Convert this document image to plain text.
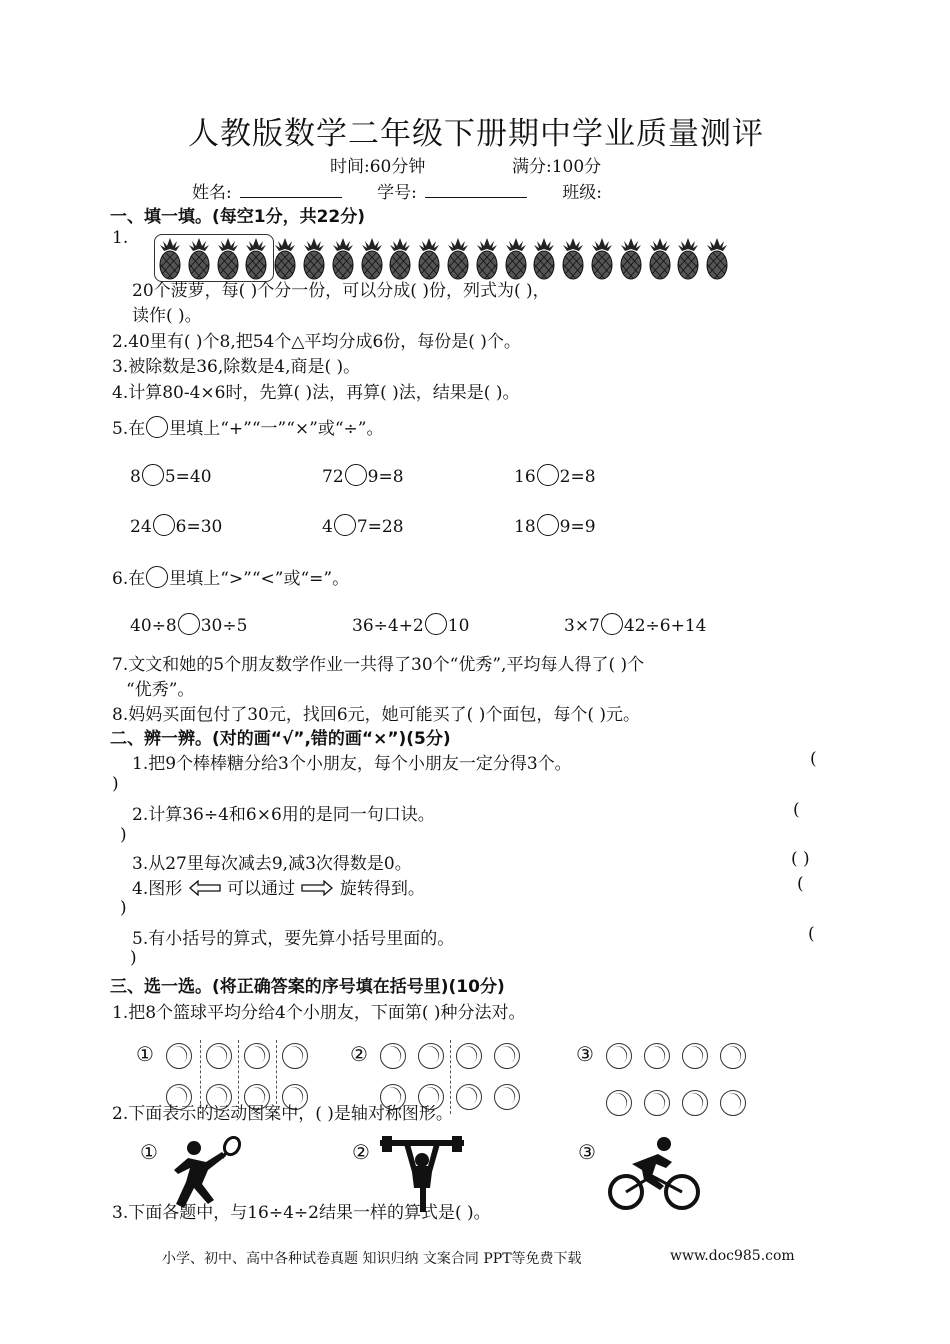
人教版数学二年级下册期中学业质量测评
时间:60分钟	满分:100分
姓名:	学号:	班级:
一、填一填。(每空1分，共22分)
1.
20个菠萝，每( )个分一份，可以分成( )份，列式为( )，
读作( )。
2.40里有( )个8,把54个△平均分成6份，每份是( )个。
3.被除数是36,除数是4,商是( )。
4.计算80-4×6时，先算( )法，再算( )法，结果是( )。
5.在 里填上“+”“一”“×”或“÷”。
8 5=40	72 9=8	16 2=8
24 6=30	4 7=28	18 9=9
6.在 里填上“>”“<”或“=”。
40÷8 30÷5	36÷4+2 10	3×7 42÷6+14
7.文文和她的5个朋友数学作业一共得了30个“优秀”,平均每人得了( )个
“优秀”。
8.妈妈买面包付了30元，找回6元，她可能买了( )个面包，每个( )元。
二、辨一辨。(对的画“√”,错的画“×”)(5分)
1.把9个棒棒糖分给3个小朋友，每个小朋友一定分得3个。	(
)
2.计算36÷4和6×6用的是同一句口诀。	(
)
3.从27里每次减去9,减3次得数是0。	( )
4.图形	可以通过	旋转得到。	(
)
5.有小括号的算式，要先算小括号里面的。	(
)
三、选一选。(将正确答案的序号填在括号里)(10分)
1.把8个篮球平均分给4个小朋友，下面第( )种分法对。
①	②	③
2.下面表示的运动图案中，( )是轴对称图形。
①	②	③
3.下面各题中，与16÷4÷2结果一样的算式是( )。
小学、初中、高中各种试卷真题 知识归纳 文案合同 PPT等免费下载	www.doc985.com
